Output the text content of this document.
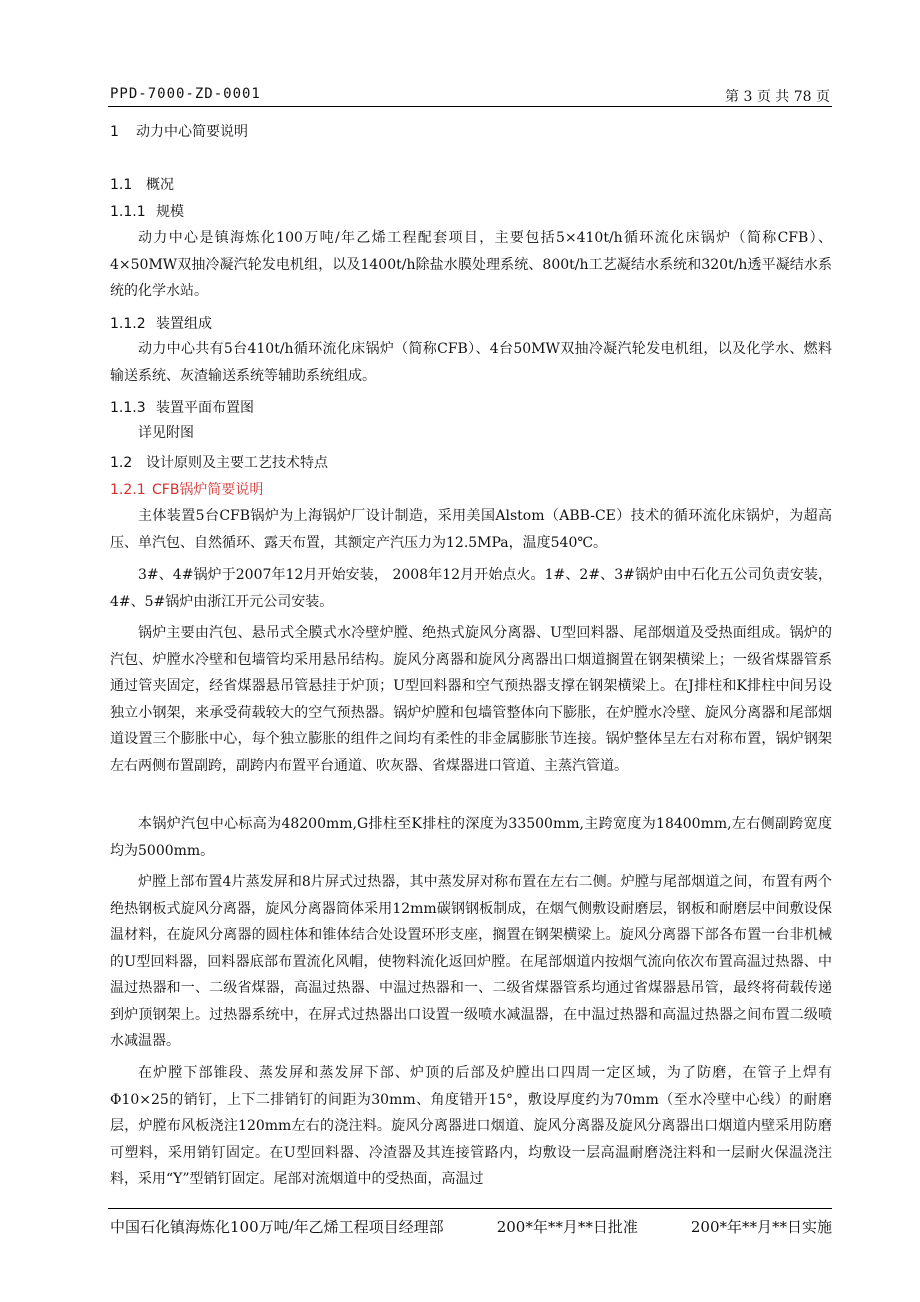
PPD-7000-ZD-0001	第 3 页 共 78 页
1 动力中心简要说明
1.1 概况
1.1.1 规模

动力中心是镇海炼化100万吨/年乙烯工程配套项目，主要包括5×410t/h循环流化床锅炉（简称CFB）、4×50MW双抽冷凝汽轮发电机组，以及1400t/h除盐水膜处理系统、800t/h工艺凝结水系统和320t/h透平凝结水系统的化学水站。

1.1.2 装置组成

动力中心共有5台410t/h循环流化床锅炉（简称CFB）、4台50MW双抽冷凝汽轮发电机组，以及化学水、燃料输送系统、灰渣输送系统等辅助系统组成。

1.1.3 装置平面布置图

详见附图

1.2 设计原则及主要工艺技术特点
1.2.1 CFB锅炉简要说明

主体装置5台CFB锅炉为上海锅炉厂设计制造，采用美国Alstom（ABB-CE）技术的循环流化床锅炉，为超高压、单汽包、自然循环、露天布置，其额定产汽压力为12.5MPa，温度540℃。

3#、4#锅炉于2007年12月开始安装， 2008年12月开始点火。1#、2#、3#锅炉由中石化五公司负责安装，4#、5#锅炉由浙江开元公司安装。

锅炉主要由汽包、悬吊式全膜式水冷壁炉膛、绝热式旋风分离器、U型回料器、尾部烟道及受热面组成。锅炉的汽包、炉膛水冷壁和包墙管均采用悬吊结构。旋风分离器和旋风分离器出口烟道搁置在钢架横梁上；一级省煤器管系通过管夹固定，经省煤器悬吊管悬挂于炉顶；U型回料器和空气预热器支撑在钢架横梁上。在J排柱和K排柱中间另设独立小钢架，来承受荷载较大的空气预热器。锅炉炉膛和包墙管整体向下膨胀，在炉膛水冷壁、旋风分离器和尾部烟道设置三个膨胀中心，每个独立膨胀的组件之间均有柔性的非金属膨胀节连接。锅炉整体呈左右对称布置，锅炉钢架左右两侧布置副跨，副跨内布置平台通道、吹灰器、省煤器进口管道、主蒸汽管道。

本锅炉汽包中心标高为48200mm,G排柱至K排柱的深度为33500mm,主跨宽度为18400mm,左右侧副跨宽度均为5000mm。

炉膛上部布置4片蒸发屏和8片屏式过热器，其中蒸发屏对称布置在左右二侧。炉膛与尾部烟道之间，布置有两个绝热钢板式旋风分离器，旋风分离器筒体采用12mm碳钢钢板制成，在烟气侧敷设耐磨层，钢板和耐磨层中间敷设保温材料，在旋风分离器的圆柱体和锥体结合处设置环形支座，搁置在钢架横梁上。旋风分离器下部各布置一台非机械的U型回料器，回料器底部布置流化风帽，使物料流化返回炉膛。在尾部烟道内按烟气流向依次布置高温过热器、中温过热器和一、二级省煤器，高温过热器、中温过热器和一、二级省煤器管系均通过省煤器悬吊管，最终将荷载传递到炉顶钢架上。过热器系统中，在屏式过热器出口设置一级喷水减温器，在中温过热器和高温过热器之间布置二级喷水减温器。

在炉膛下部锥段、蒸发屏和蒸发屏下部、炉顶的后部及炉膛出口四周一定区域，为了防磨，在管子上焊有Φ10×25的销钉，上下二排销钉的间距为30mm、角度错开15°，敷设厚度约为70mm（至水冷壁中心线）的耐磨层，炉膛布风板浇注120mm左右的浇注料。旋风分离器进口烟道、旋风分离器及旋风分离器出口烟道内壁采用防磨可塑料，采用销钉固定。在U型回料器、冷渣器及其连接管路内，均敷设一层高温耐磨浇注料和一层耐火保温浇注料，采用“Y”型销钉固定。尾部对流烟道中的受热面，高温过

中国石化镇海炼化100万吨/年乙烯工程项目经理部	200*年**月**日批准	200*年**月**日实施
